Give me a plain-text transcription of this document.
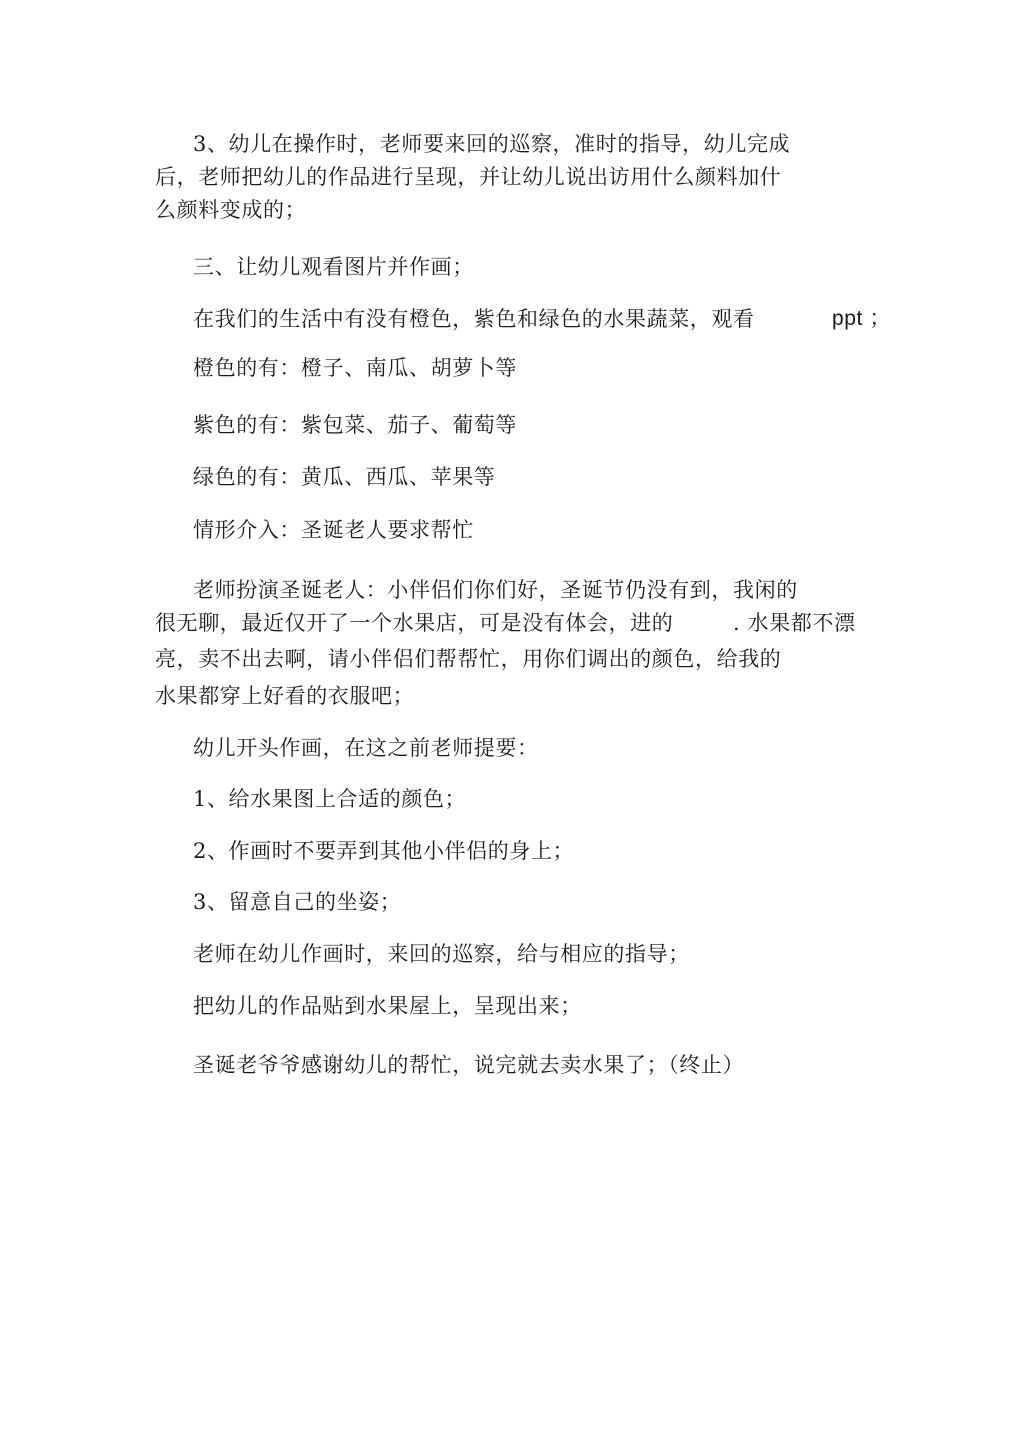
3、幼儿在操作时，老师要来回的巡察，准时的指导，幼儿完成
后，老师把幼儿的作品进行呈现，并让幼儿说出访用什么颜料加什
么颜料变成的；
三、让幼儿观看图片并作画；
在我们的生活中有没有橙色，紫色和绿色的水果蔬菜，观看	ppt ；
橙色的有：橙子、南瓜、胡萝卜等
紫色的有：紫包菜、茄子、葡萄等
绿色的有：黄瓜、西瓜、苹果等
情形介入：圣诞老人要求帮忙
老师扮演圣诞老人：小伴侣们你们好，圣诞节仍没有到，我闲的
很无聊，最近仅开了一个水果店，可是没有体会，进的	. 水果都不漂
亮，卖不出去啊，请小伴侣们帮帮忙，用你们调出的颜色，给我的
水果都穿上好看的衣服吧；
幼儿开头作画，在这之前老师提要：
1、给水果图上合适的颜色；
2、作画时不要弄到其他小伴侣的身上；
3、留意自己的坐姿；
老师在幼儿作画时，来回的巡察，给与相应的指导；
把幼儿的作品贴到水果屋上，呈现出来；
圣诞老爷爷感谢幼儿的帮忙，说完就去卖水果了；（终止）
